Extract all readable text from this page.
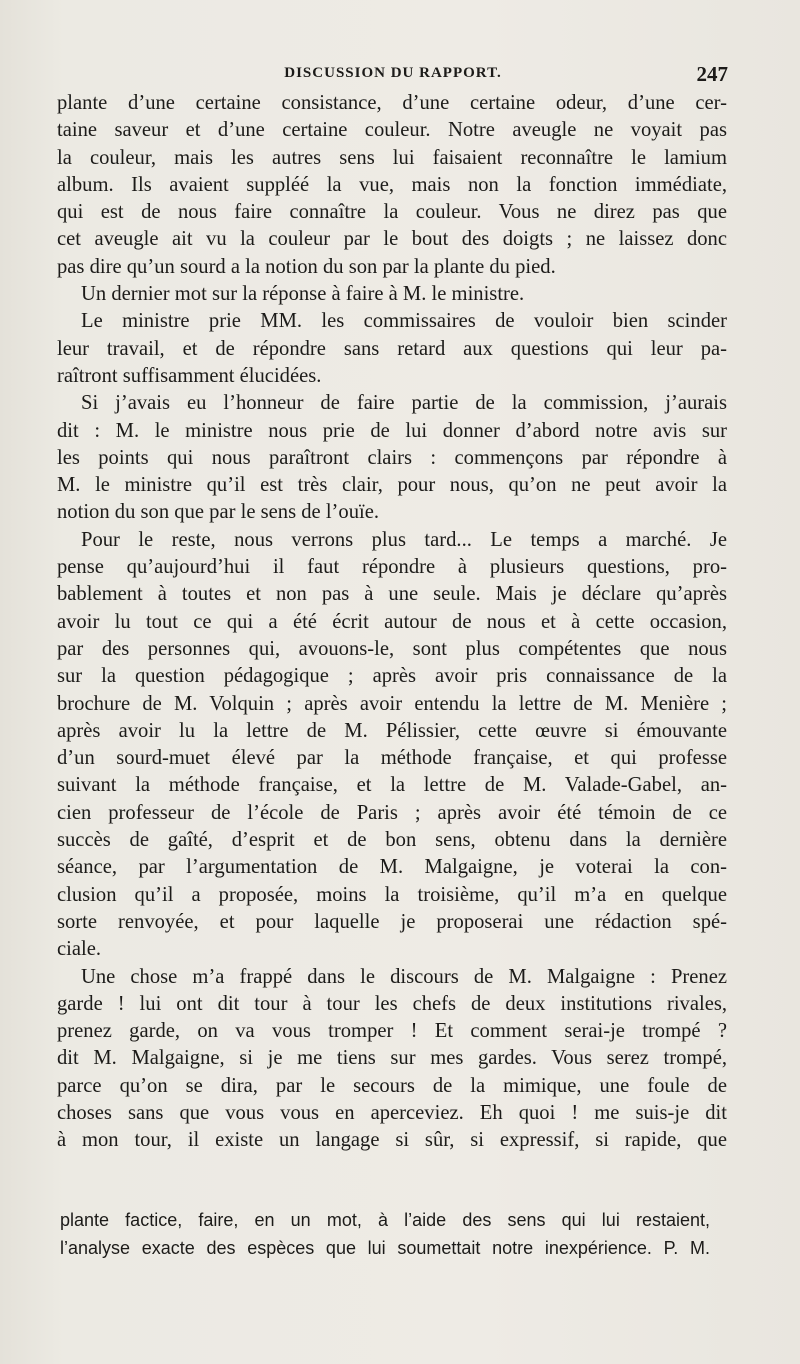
DISCUSSION DU RAPPORT.	247
plante d’une certaine consistance, d’une certaine odeur, d’une cer-
taine saveur et d’une certaine couleur. Notre aveugle ne voyait pas
la couleur, mais les autres sens lui faisaient reconnaître le lamium
album. Ils avaient suppléé la vue, mais non la fonction immédiate,
qui est de nous faire connaître la couleur. Vous ne direz pas que
cet aveugle ait vu la couleur par le bout des doigts ; ne laissez donc
pas dire qu’un sourd a la notion du son par la plante du pied.
Un dernier mot sur la réponse à faire à M. le ministre.
Le ministre prie MM. les commissaires de vouloir bien scinder
leur travail, et de répondre sans retard aux questions qui leur pa-
raîtront suffisamment élucidées.
Si j’avais eu l’honneur de faire partie de la commission, j’aurais
dit : M. le ministre nous prie de lui donner d’abord notre avis sur
les points qui nous paraîtront clairs : commençons par répondre à
M. le ministre qu’il est très clair, pour nous, qu’on ne peut avoir la
notion du son que par le sens de l’ouïe.
Pour le reste, nous verrons plus tard... Le temps a marché. Je
pense qu’aujourd’hui il faut répondre à plusieurs questions, pro-
bablement à toutes et non pas à une seule. Mais je déclare qu’après
avoir lu tout ce qui a été écrit autour de nous et à cette occasion,
par des personnes qui, avouons-le, sont plus compétentes que nous
sur la question pédagogique ; après avoir pris connaissance de la
brochure de M. Volquin ; après avoir entendu la lettre de M. Menière ;
après avoir lu la lettre de M. Pélissier, cette œuvre si émouvante
d’un sourd-muet élevé par la méthode française, et qui professe
suivant la méthode française, et la lettre de M. Valade-Gabel, an-
cien professeur de l’école de Paris ; après avoir été témoin de ce
succès de gaîté, d’esprit et de bon sens, obtenu dans la dernière
séance, par l’argumentation de M. Malgaigne, je voterai la con-
clusion qu’il a proposée, moins la troisième, qu’il m’a en quelque
sorte renvoyée, et pour laquelle je proposerai une rédaction spé-
ciale.
Une chose m’a frappé dans le discours de M. Malgaigne : Prenez
garde ! lui ont dit tour à tour les chefs de deux institutions rivales,
prenez garde, on va vous tromper ! Et comment serai-je trompé ?
dit M. Malgaigne, si je me tiens sur mes gardes. Vous serez trompé,
parce qu’on se dira, par le secours de la mimique, une foule de
choses sans que vous vous en aperceviez. Eh quoi ! me suis-je dit
à mon tour, il existe un langage si sûr, si expressif, si rapide, que
plante factice, faire, en un mot, à l’aide des sens qui lui restaient,
l’analyse exacte des espèces que lui soumettait notre inexpérience. P. M.
